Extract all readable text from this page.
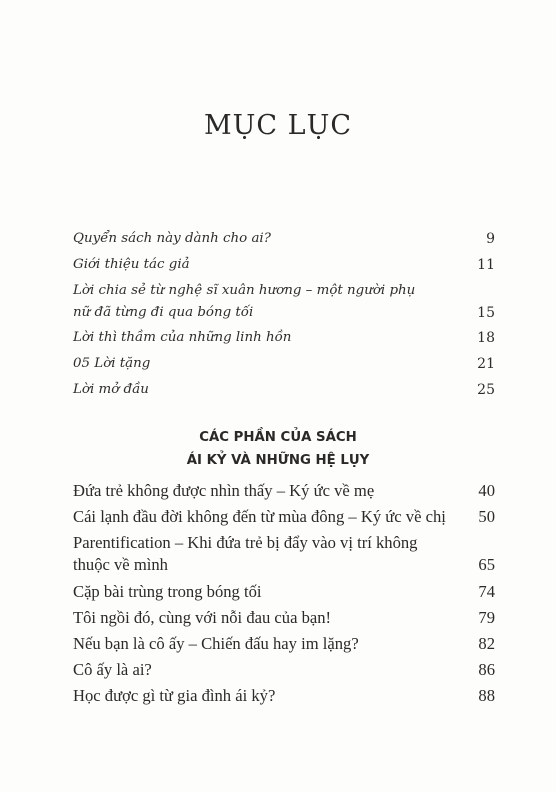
MỤC LỤC
Quyển sách này dành cho ai?	9
Giới thiệu tác giả	11
Lời chia sẻ từ nghệ sĩ xuân hương – một người phụ nữ đã từng đi qua bóng tối	15
Lời thì thầm của những linh hồn	18
05 Lời tặng	21
Lời mở đầu	25
CÁC PHẦN CỦA SÁCH
ÁI KỶ VÀ NHỮNG HỆ LỤY
Đứa trẻ không được nhìn thấy – Ký ức về mẹ	40
Cái lạnh đầu đời không đến từ mùa đông – Ký ức về chị	50
Parentification – Khi đứa trẻ bị đẩy vào vị trí không thuộc về mình	65
Cặp bài trùng trong bóng tối	74
Tôi ngồi đó, cùng với nỗi đau của bạn!	79
Nếu bạn là cô ấy – Chiến đấu hay im lặng?	82
Cô ấy là ai?	86
Học được gì từ gia đình ái kỷ?	88
